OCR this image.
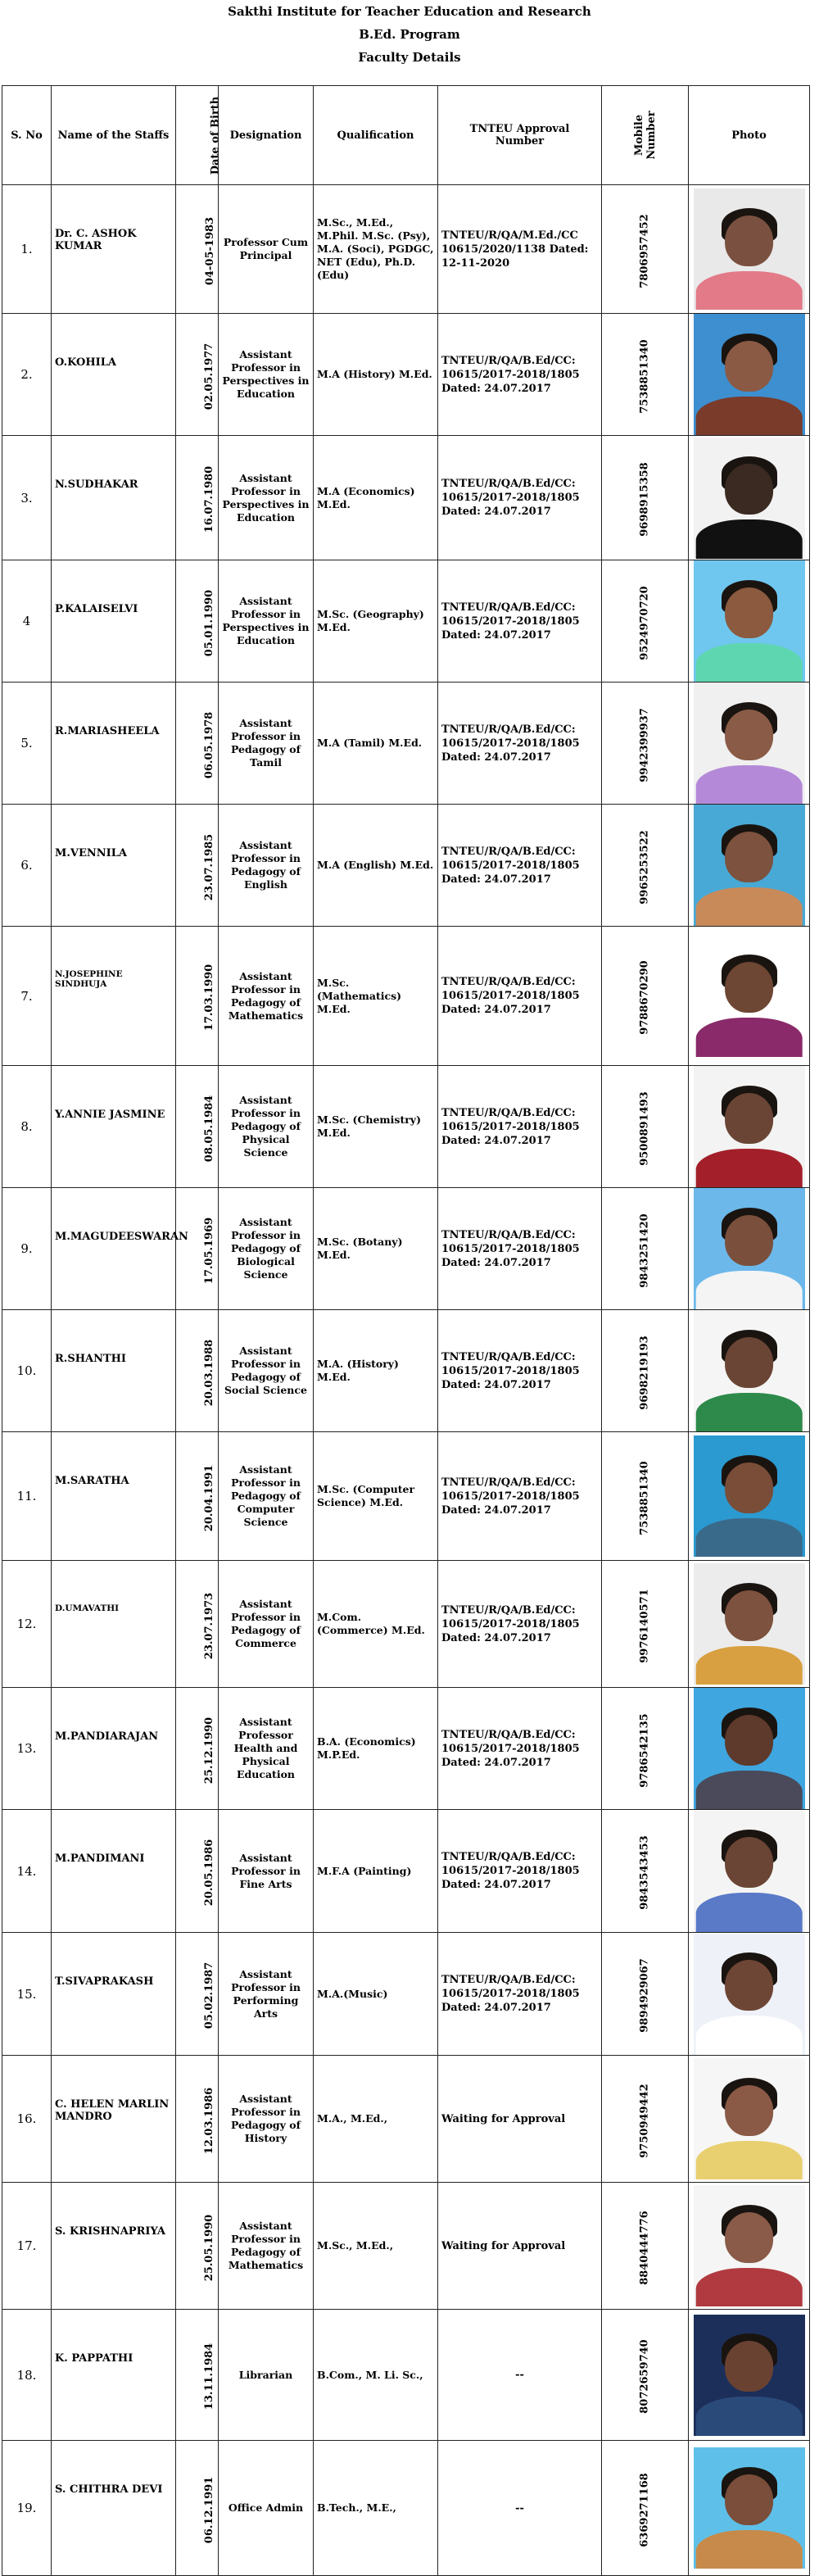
Sakthi Institute for Teacher Education and Research
B.Ed. Program
Faculty Details
S. No	Name of the Staffs	Date of Birth	Designation	Qualification	TNTEU Approval Number	Mobile Number	Photo
1.	Dr. C. ASHOK KUMAR	04-05-1983	Professor Cum Principal	M.Sc., M.Ed., M.Phil. M.Sc. (Psy), M.A. (Soci), PGDGC, NET (Edu), Ph.D. (Edu)	TNTEU/R/QA/M.Ed./CC 10615/2020/1138 Dated: 12-11-2020	7806957452	

2.	O.KOHILA	02.05.1977	Assistant Professor in Perspectives in Education	M.A (History) M.Ed.	TNTEU/R/QA/B.Ed/CC: 10615/2017-2018/1805 Dated: 24.07.2017	7538851340	

3.	N.SUDHAKAR	16.07.1980	Assistant Professor in Perspectives in Education	M.A (Economics) M.Ed.	TNTEU/R/QA/B.Ed/CC: 10615/2017-2018/1805 Dated: 24.07.2017	9698915358	

4	P.KALAISELVI	05.01.1990	Assistant Professor in Perspectives in Education	M.Sc. (Geography) M.Ed.	TNTEU/R/QA/B.Ed/CC: 10615/2017-2018/1805 Dated: 24.07.2017	9524970720	

5.	R.MARIASHEELA	06.05.1978	Assistant Professor in Pedagogy of Tamil	M.A (Tamil) M.Ed.	TNTEU/R/QA/B.Ed/CC: 10615/2017-2018/1805 Dated: 24.07.2017	9942399937	

6.	M.VENNILA	23.07.1985	Assistant Professor in Pedagogy of English	M.A (English) M.Ed.	TNTEU/R/QA/B.Ed/CC: 10615/2017-2018/1805 Dated: 24.07.2017	9965253522	

7.	N.JOSEPHINE SINDHUJA	17.03.1990	Assistant Professor in Pedagogy of Mathematics	M.Sc. (Mathematics) M.Ed.	TNTEU/R/QA/B.Ed/CC: 10615/2017-2018/1805 Dated: 24.07.2017	9788670290	

8.	Y.ANNIE JASMINE	08.05.1984	Assistant Professor in Pedagogy of Physical Science	M.Sc. (Chemistry) M.Ed.	TNTEU/R/QA/B.Ed/CC: 10615/2017-2018/1805 Dated: 24.07.2017	9500891493	

9.	M.MAGUDEESWARAN	17.05.1969	Assistant Professor in Pedagogy of Biological Science	M.Sc. (Botany) M.Ed.	TNTEU/R/QA/B.Ed/CC: 10615/2017-2018/1805 Dated: 24.07.2017	9843251420	

10.	R.SHANTHI	20.03.1988	Assistant Professor in Pedagogy of Social Science	M.A. (History) M.Ed.	TNTEU/R/QA/B.Ed/CC: 10615/2017-2018/1805 Dated: 24.07.2017	9698219193	

11.	M.SARATHA	20.04.1991	Assistant Professor in Pedagogy of Computer Science	M.Sc. (Computer Science) M.Ed.	TNTEU/R/QA/B.Ed/CC: 10615/2017-2018/1805 Dated: 24.07.2017	7538851340	

12.	D.UMAVATHI	23.07.1973	Assistant Professor in Pedagogy of Commerce	M.Com. (Commerce) M.Ed.	TNTEU/R/QA/B.Ed/CC: 10615/2017-2018/1805 Dated: 24.07.2017	9976140571	

13.	M.PANDIARAJAN	25.12.1990	Assistant Professor Health and Physical Education	B.A. (Economics) M.P.Ed.	TNTEU/R/QA/B.Ed/CC: 10615/2017-2018/1805 Dated: 24.07.2017	9786542135	

14.	M.PANDIMANI	20.05.1986	Assistant Professor in Fine Arts	M.F.A (Painting)	TNTEU/R/QA/B.Ed/CC: 10615/2017-2018/1805 Dated: 24.07.2017	9843543453	

15.	T.SIVAPRAKASH	05.02.1987	Assistant Professor in Performing Arts	M.A.(Music)	TNTEU/R/QA/B.Ed/CC: 10615/2017-2018/1805 Dated: 24.07.2017	9894929067	

16.	C. HELEN MARLIN MANDRO	12.03.1986	Assistant Professor in Pedagogy of History	M.A., M.Ed.,	Waiting for Approval	9750949442	

17.	S. KRISHNAPRIYA	25.05.1990	Assistant Professor in Pedagogy of Mathematics	M.Sc., M.Ed.,	Waiting for Approval	8840444776	

18.	K. PAPPATHI	13.11.1984	Librarian	B.Com., M. Li. Sc.,	--	8072659740	

19.	S. CHITHRA DEVI	06.12.1991	Office Admin	B.Tech., M.E.,	--	6369271168	
